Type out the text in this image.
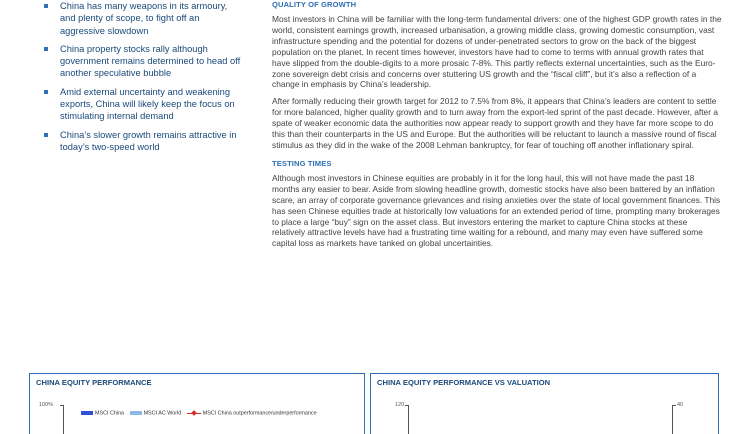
China has many weapons in its armoury, and plenty of scope, to fight off an aggressive slowdown
China property stocks rally although government remains determined to head off another speculative bubble
Amid external uncertainty and weakening exports, China will likely keep the focus on stimulating internal demand
China’s slower growth remains attractive in today’s two-speed world
QUALITY OF GROWTH

Most investors in China will be familiar with the long-term fundamental drivers: one of the highest GDP growth rates in the world, consistent earnings growth, increased urbanisation, a growing middle class, growing domestic consumption, vast infrastructure spending and the potential for dozens of under-penetrated sectors to grow on the back of the biggest population on the planet. In recent times however, investors have had to come to terms with annual growth rates that have slipped from the double-digits to a more prosaic 7-8%. This partly reflects external uncertainties, such as the Euro-zone sovereign debt crisis and concerns over stuttering US growth and the “fiscal cliff”, but it’s also a reflection of a change in emphasis by China’s leadership.

After formally reducing their growth target for 2012 to 7.5% from 8%, it appears that China’s leaders are content to settle for more balanced, higher quality growth and to turn away from the export-led sprint of the past decade. However, after a spate of weaker economic data the authorities now appear ready to support growth and they have far more scope to do this than their counterparts in the US and Europe. But the authorities will be reluctant to launch a massive round of fiscal stimulus as they did in the wake of the 2008 Lehman bankruptcy, for fear of touching off another inflationary spiral.

TESTING TIMES

Although most investors in Chinese equities are probably in it for the long haul, this will not have made the past 18 months any easier to bear. Aside from slowing headline growth, domestic stocks have also been battered by an inflation scare, an array of corporate governance grievances and rising anxieties over the state of local government finances. This has seen Chinese equities trade at historically low valuations for an extended period of time, prompting many brokerages to place a large “buy” sign on the asset class. But investors entering the market to capture China stocks at these relatively attractive levels have had a frustrating time waiting for a rebound, and many may even have suffered some capital loss as markets have tanked on global uncertainties.

CHINA EQUITY PERFORMANCE
100%
MSCI China	MSCI AC World	MSCI China outperformance/underperformance
CHINA EQUITY PERFORMANCE VS VALUATION
120	40
